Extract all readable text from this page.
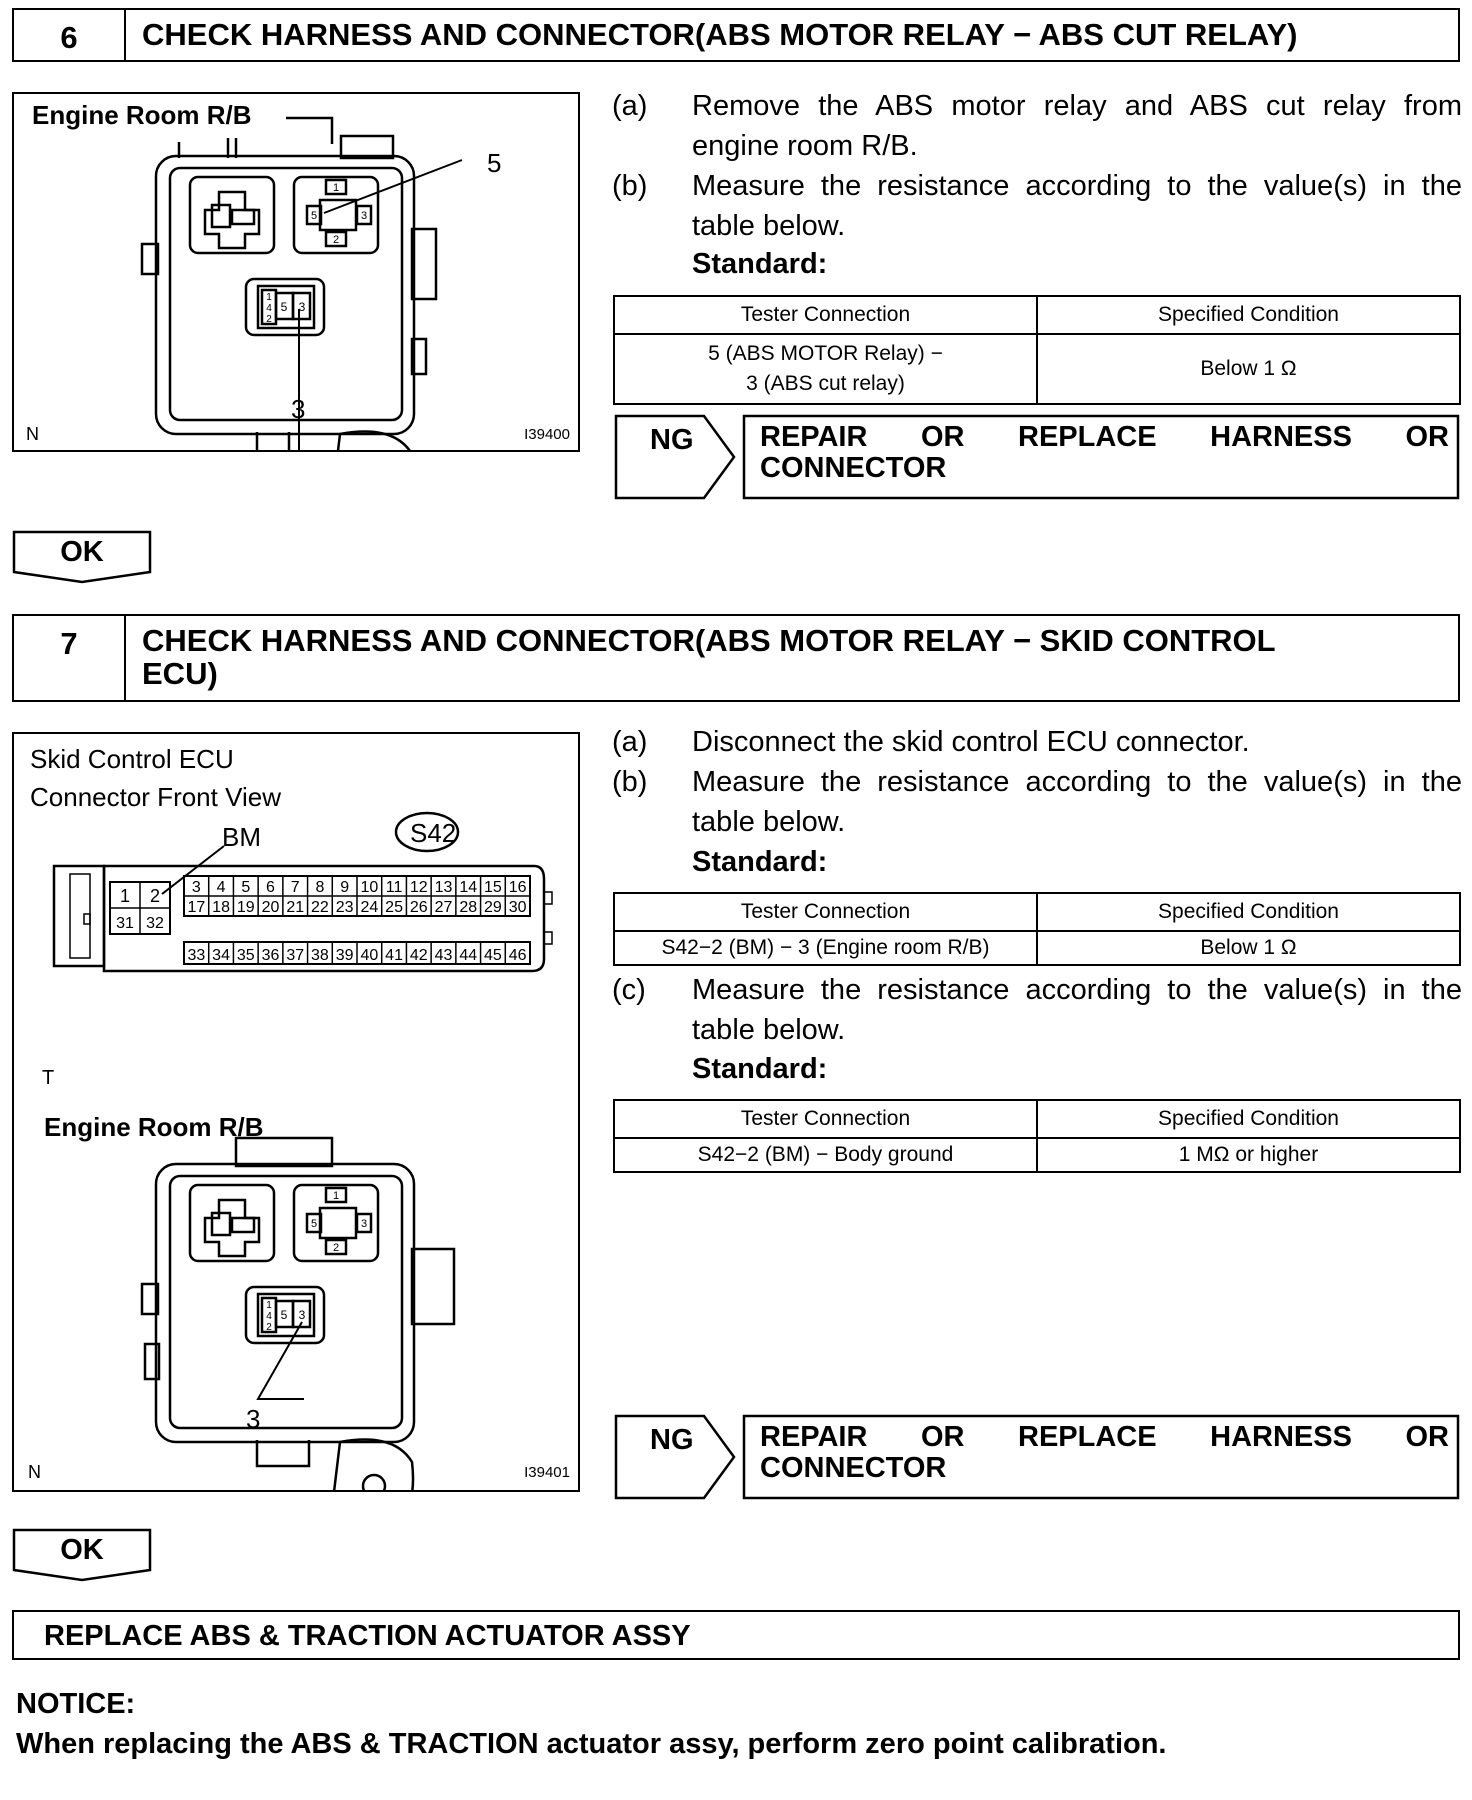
6	CHECK HARNESS AND CONNECTOR(ABS MOTOR RELAY − ABS CUT RELAY)
Engine Room R/B
1
5	3
2
1
4
2
5 3
5
3
N	I39400
(a) Remove the ABS motor relay and ABS cut relay from engine room R/B.
(b) Measure the resistance according to the value(s) in the table below.
Standard:
Tester Connection	Specified Condition

5 (ABS MOTOR Relay) −
3 (ABS cut relay)	Below 1 Ω
NG REPAIR OR REPLACE HARNESS OR
CONNECTOR
OK
7	CHECK HARNESS AND CONNECTOR(ABS MOTOR RELAY − SKID CONTROL
ECU)
Skid Control ECU
Connector Front View
BM
3 4 5 6 7 8 9 10 11 12 13 14 15 16
17 18 19 20 21 22 23 24 25 26 27 28 29 30
33 34 35 36 37 38 39 40 41 42 43 44 45 46
1 2
31 32
S42
T
Engine Room R/B
1
5	3
2
1
4
2
5 3
3
N	I39401
(a) Disconnect the skid control ECU connector.
(b) Measure the resistance according to the value(s) in the table below.
Standard:
Tester Connection	Specified Condition
S42−2 (BM) − 3 (Engine room R/B)	Below 1 Ω
(c) Measure the resistance according to the value(s) in the table below.
Standard:
Tester Connection	Specified Condition
S42−2 (BM) − Body ground	1 MΩ or higher
NG REPAIR OR REPLACE HARNESS OR
CONNECTOR
OK
REPLACE ABS & TRACTION ACTUATOR ASSY
NOTICE:
When replacing the ABS & TRACTION actuator assy, perform zero point calibration.
